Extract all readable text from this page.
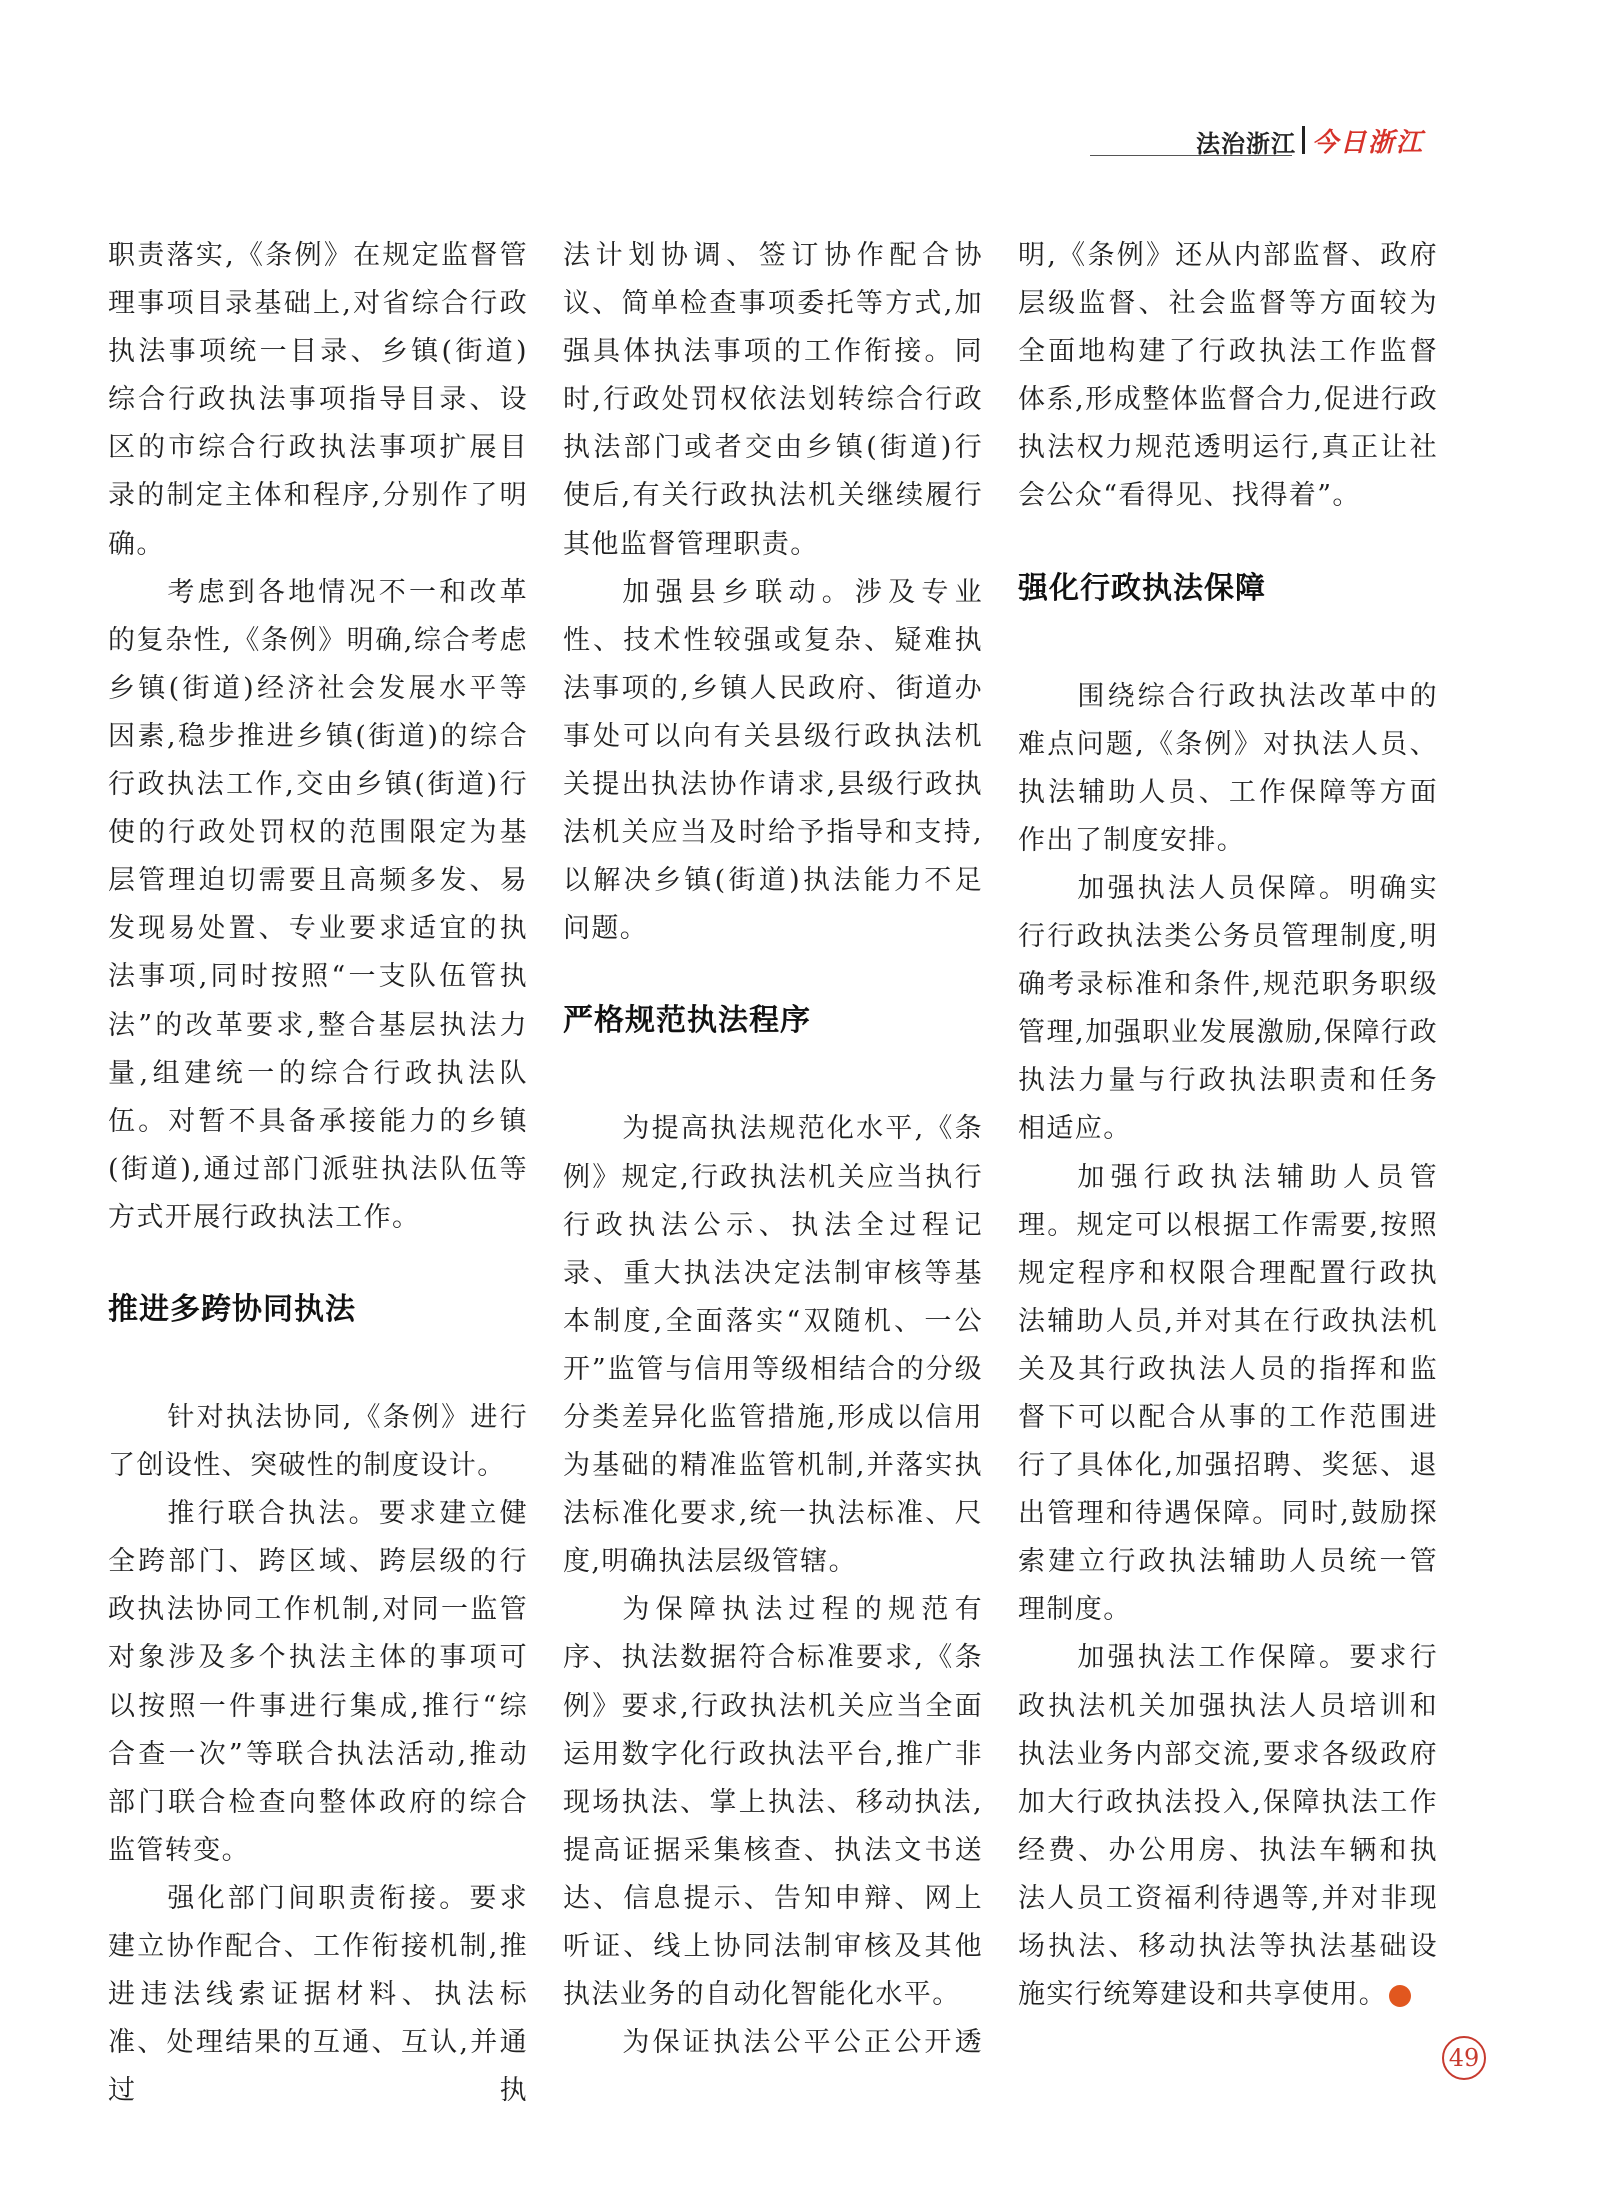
法治浙江 今日浙江

职责落实,《条例》在规定监督管理事项目录基础上,对省综合行政执法事项统一目录、乡镇(街道)综合行政执法事项指导目录、设区的市综合行政执法事项扩展目录的制定主体和程序,分别作了明确。

考虑到各地情况不一和改革的复杂性,《条例》明确,综合考虑乡镇(街道)经济社会发展水平等因素,稳步推进乡镇(街道)的综合行政执法工作,交由乡镇(街道)行使的行政处罚权的范围限定为基层管理迫切需要且高频多发、易发现易处置、专业要求适宜的执法事项,同时按照“一支队伍管执法”的改革要求,整合基层执法力量,组建统一的综合行政执法队伍。对暂不具备承接能力的乡镇(街道),通过部门派驻执法队伍等方式开展行政执法工作。

推进多跨协同执法

针对执法协同,《条例》进行了创设性、突破性的制度设计。

推行联合执法。要求建立健全跨部门、跨区域、跨层级的行政执法协同工作机制,对同一监管对象涉及多个执法主体的事项可以按照一件事进行集成,推行“综合查一次”等联合执法活动,推动部门联合检查向整体政府的综合监管转变。

强化部门间职责衔接。要求建立协作配合、工作衔接机制,推进违法线索证据材料、执法标准、处理结果的互通、互认,并通过执

法计划协调、签订协作配合协议、简单检查事项委托等方式,加强具体执法事项的工作衔接。同时,行政处罚权依法划转综合行政执法部门或者交由乡镇(街道)行使后,有关行政执法机关继续履行其他监督管理职责。

加强县乡联动。涉及专业性、技术性较强或复杂、疑难执法事项的,乡镇人民政府、街道办事处可以向有关县级行政执法机关提出执法协作请求,县级行政执法机关应当及时给予指导和支持,以解决乡镇(街道)执法能力不足问题。

严格规范执法程序

为提高执法规范化水平,《条例》规定,行政执法机关应当执行行政执法公示、执法全过程记录、重大执法决定法制审核等基本制度,全面落实“双随机、一公开”监管与信用等级相结合的分级分类差异化监管措施,形成以信用为基础的精准监管机制,并落实执法标准化要求,统一执法标准、尺度,明确执法层级管辖。

为保障执法过程的规范有序、执法数据符合标准要求,《条例》要求,行政执法机关应当全面运用数字化行政执法平台,推广非现场执法、掌上执法、移动执法,提高证据采集核查、执法文书送达、信息提示、告知申辩、网上听证、线上协同法制审核及其他执法业务的自动化智能化水平。

为保证执法公平公正公开透

明,《条例》还从内部监督、政府层级监督、社会监督等方面较为全面地构建了行政执法工作监督体系,形成整体监督合力,促进行政执法权力规范透明运行,真正让社会公众“看得见、找得着”。

强化行政执法保障

围绕综合行政执法改革中的难点问题,《条例》对执法人员、执法辅助人员、工作保障等方面作出了制度安排。

加强执法人员保障。明确实行行政执法类公务员管理制度,明确考录标准和条件,规范职务职级管理,加强职业发展激励,保障行政执法力量与行政执法职责和任务相适应。

加强行政执法辅助人员管理。规定可以根据工作需要,按照规定程序和权限合理配置行政执法辅助人员,并对其在行政执法机关及其行政执法人员的指挥和监督下可以配合从事的工作范围进行了具体化,加强招聘、奖惩、退出管理和待遇保障。同时,鼓励探索建立行政执法辅助人员统一管理制度。

加强执法工作保障。要求行政执法机关加强执法人员培训和执法业务内部交流,要求各级政府加大行政执法投入,保障执法工作经费、办公用房、执法车辆和执法人员工资福利待遇等,并对非现场执法、移动执法等执法基础设施实行统筹建设和共享使用。

49
